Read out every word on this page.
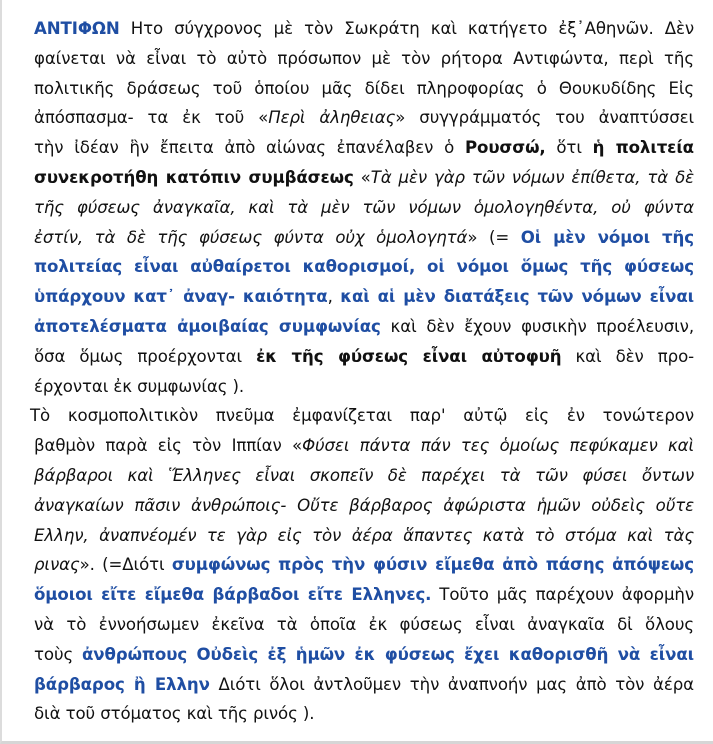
ΑΝΤΙΦΩΝ Ητο σύγχρονος μὲ τὸν Σωκράτη καὶ κατήγετο ἐξ᾽Αθηνῶν. Δὲν
φαίνεται νὰ εἶναι τὸ αὐτὸ πρόσωπον μὲ τὸν ρήτορα Αντιφώντα, περὶ τῆς
πολιτικῆς δράσεως τοῦ ὁποίου μᾶς δίδει πληροφορίας ὁ Θουκυδίδης Εἰς
ἀπόσπασμα- τα ἐκ τοῦ «Περὶ ἀληθειας» συγγράμματός του ἀναπτύσσει
τὴν ἰδέαν ἣν ἔπειτα ἀπὸ αἰώνας ἐπανέλαβεν ὁ Ρουσσώ, ὅτι ἡ πολιτεία
συνεκροτήθη κατόπιν συμβάσεως «Τὰ μὲν γὰρ τῶν νόμων ἐπίθετα, τὰ δὲ
τῆς φύσεως ἀναγκαῖα, καὶ τὰ μὲν τῶν νόμων ὁμολογηθέντα, οὐ φύντα
ἐστίν, τὰ δὲ τῆς φύσεως φύντα οὐχ ὁμολογητά» (= Οἱ μὲν νόμοι τῆς
πολιτείας εἶναι αὐθαίρετοι καθορισμοί, οἱ νόμοι ὅμως τῆς φύσεως
ὑπάρχουν κατ᾽ ἀναγ- καιότητα, καὶ αἱ μὲν διατάξεις τῶν νόμων εἶναι
ἀποτελέσματα ἀμοιβαίας συμφωνίας καὶ δὲν ἔχουν φυσικὴν προέλευσιν,
ὅσα ὅμως προέρχονται ἐκ τῆς φύσεως εἶναι αὐτοφυῆ καὶ δὲν προ-
έρχονται ἐκ συμφωνίας ).
Τὸ κοσμοπολιτικὸν πνεῦμα ἐμφανίζεται παρ' αὐτῷ εἰς ἐν τονώτερον
βαθμὸν παρὰ εἰς τὸν Ιππίαν «Φύσει πάντα πάν τες ὁμοίως πεφύκαμεν καὶ
βάρβαροι καὶ Ἕλληνες εἶναι σκοπεῖν δὲ παρέχει τὰ τῶν φύσει ὄντων
ἀναγκαίων πᾶσιν ἀνθρώποις- Οὔτε βάρβαρος ἀφώριστα ἡμῶν οὐδεὶς οὔτε
Ελλην, ἀναπνέομέν τε γὰρ εἰς τὸν ἀέρα ἅπαντες κατὰ τὸ στόμα καὶ τὰς
ρινας». (=Διότι συμφώνως πρὸς τὴν φύσιν εἴμεθα ἀπὸ πάσης ἀπόψεως
ὅμοιοι εἴτε εἴμεθα βάρβαδοι εἴτε Ελληνες. Τοῦτο μᾶς παρέχουν ἀφορμὴν
νὰ τὸ ἐννοήσωμεν ἐκεῖνα τὰ ὁποῖα ἐκ φύσεως εἶναι ἀναγκαῖα δἰ ὅλους
τοὺς ἀνθρώπους Οὐδεὶς ἐξ ἡμῶν ἐκ φύσεως ἔχει καθορισθῆ νὰ εἶναι
βάρβαρος ἢ Ελλην Διότι ὅλοι ἀντλοῦμεν τὴν ἀναπνοήν μας ἀπὸ τὸν ἀέρα
διὰ τοῦ στόματος καὶ τῆς ρινός ).
